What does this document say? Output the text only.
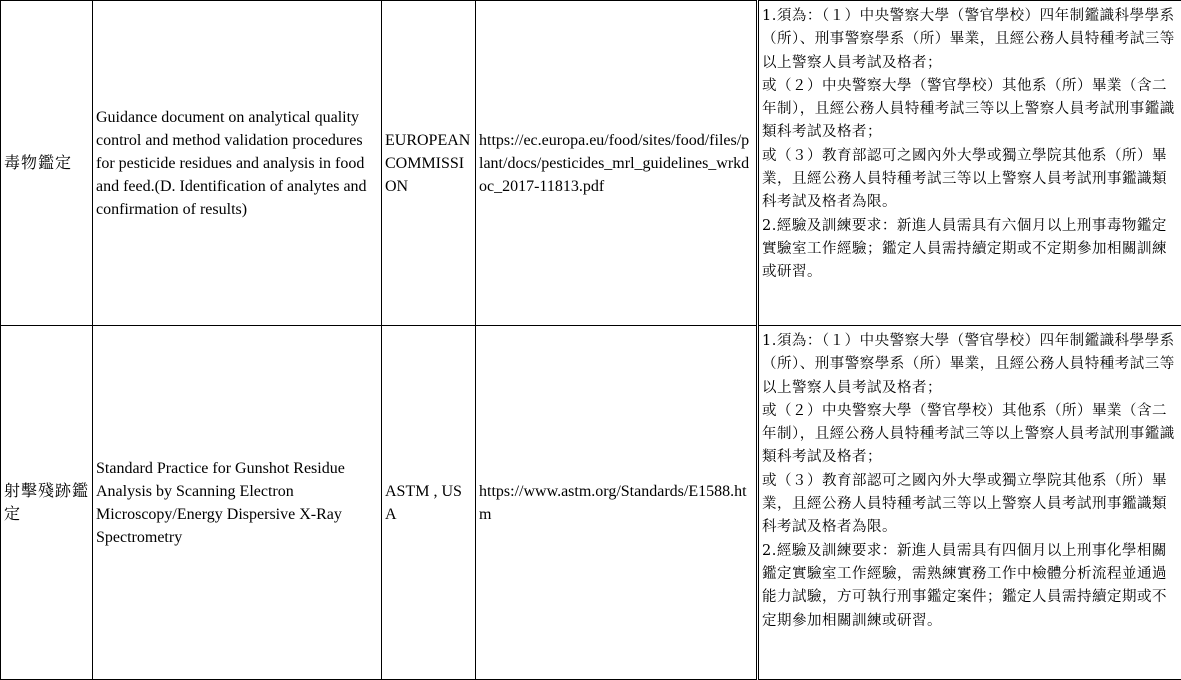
毒物鑑定	Guidance document on analytical quality control and method validation procedures for pesticide residues and analysis in food and feed.(D. Identification of analytes and confirmation of results)	EUROPEAN COMMISSION	https://ec.europa.eu/food/sites/food/files/plant/docs/pesticides_mrl_guidelines_wrkdoc_2017-11813.pdf	1.須為：（１）中央警察大學（警官學校）四年制鑑識科學學系（所）、刑事警察學系（所）畢業，且經公務人員特種考試三等以上警察人員考試及格者；
或（２）中央警察大學（警官學校）其他系（所）畢業（含二年制），且經公務人員特種考試三等以上警察人員考試刑事鑑識類科考試及格者；
或（３）教育部認可之國內外大學或獨立學院其他系（所）畢業，且經公務人員特種考試三等以上警察人員考試刑事鑑識類科考試及格者為限。
2.經驗及訓練要求：新進人員需具有六個月以上刑事毒物鑑定實驗室工作經驗；鑑定人員需持續定期或不定期參加相關訓練或研習。

射擊殘跡鑑定	Standard Practice for Gunshot Residue Analysis by Scanning Electron Microscopy/Energy Dispersive X-Ray Spectrometry	ASTM , USA	https://www.astm.org/Standards/E1588.htm	1.須為：（１）中央警察大學（警官學校）四年制鑑識科學學系（所）、刑事警察學系（所）畢業，且經公務人員特種考試三等以上警察人員考試及格者；
或（２）中央警察大學（警官學校）其他系（所）畢業（含二年制），且經公務人員特種考試三等以上警察人員考試刑事鑑識類科考試及格者；
或（３）教育部認可之國內外大學或獨立學院其他系（所）畢業，且經公務人員特種考試三等以上警察人員考試刑事鑑識類科考試及格者為限。
2.經驗及訓練要求：新進人員需具有四個月以上刑事化學相關鑑定實驗室工作經驗，需熟練實務工作中檢體分析流程並通過能力試驗，方可執行刑事鑑定案件；鑑定人員需持續定期或不定期參加相關訓練或研習。
